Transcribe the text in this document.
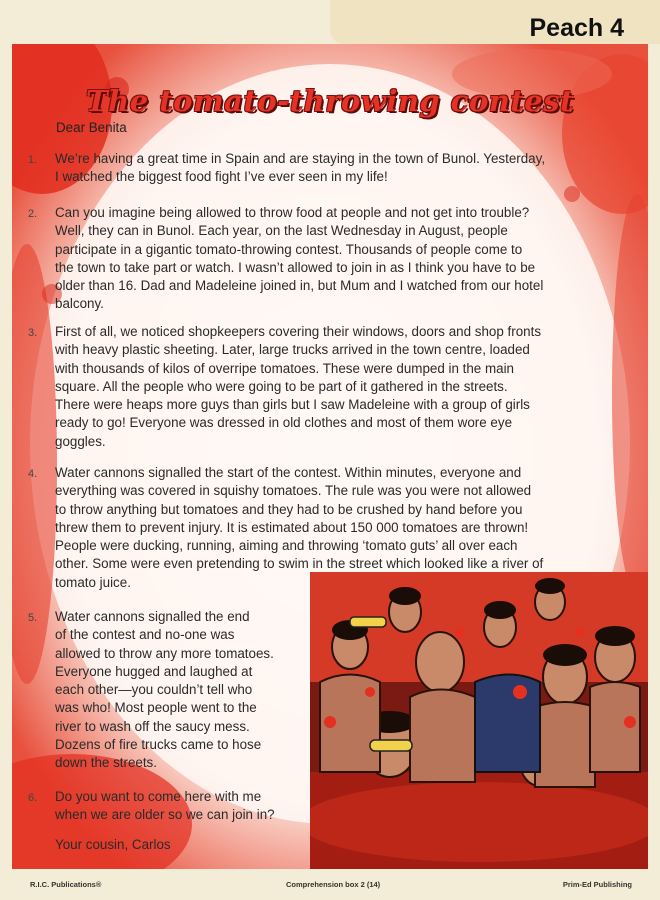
Peach 4
The tomato-throwing contest
Dear Benita
1. We’re having a great time in Spain and are staying in the town of Bunol. Yesterday,
I watched the biggest food fight I’ve ever seen in my life!
2. Can you imagine being allowed to throw food at people and not get into trouble?
Well, they can in Bunol. Each year, on the last Wednesday in August, people
participate in a gigantic tomato-throwing contest. Thousands of people come to
the town to take part or watch. I wasn’t allowed to join in as I think you have to be
older than 16. Dad and Madeleine joined in, but Mum and I watched from our hotel
balcony.
3. First of all, we noticed shopkeepers covering their windows, doors and shop fronts
with heavy plastic sheeting. Later, large trucks arrived in the town centre, loaded
with thousands of kilos of overripe tomatoes. These were dumped in the main
square. All the people who were going to be part of it gathered in the streets.
There were heaps more guys than girls but I saw Madeleine with a group of girls
ready to go! Everyone was dressed in old clothes and most of them wore eye
goggles.
4. Water cannons signalled the start of the contest. Within minutes, everyone and
everything was covered in squishy tomatoes. The rule was you were not allowed
to throw anything but tomatoes and they had to be crushed by hand before you
threw them to prevent injury. It is estimated about 150 000 tomatoes are thrown!
People were ducking, running, aiming and throwing ‘tomato guts’ all over each
other. Some were even pretending to swim in the street which looked like a river of
tomato juice.
5. Water cannons signalled the end
of the contest and no-one was
allowed to throw any more tomatoes.
Everyone hugged and laughed at
each other—you couldn’t tell who
was who! Most people went to the
river to wash off the saucy mess.
Dozens of fire trucks came to hose
down the streets.
6. Do you want to come here with me
when we are older so we can join in?
Your cousin, Carlos
R.I.C. Publications®	Comprehension box 2 (14)	Prim-Ed Publishing
